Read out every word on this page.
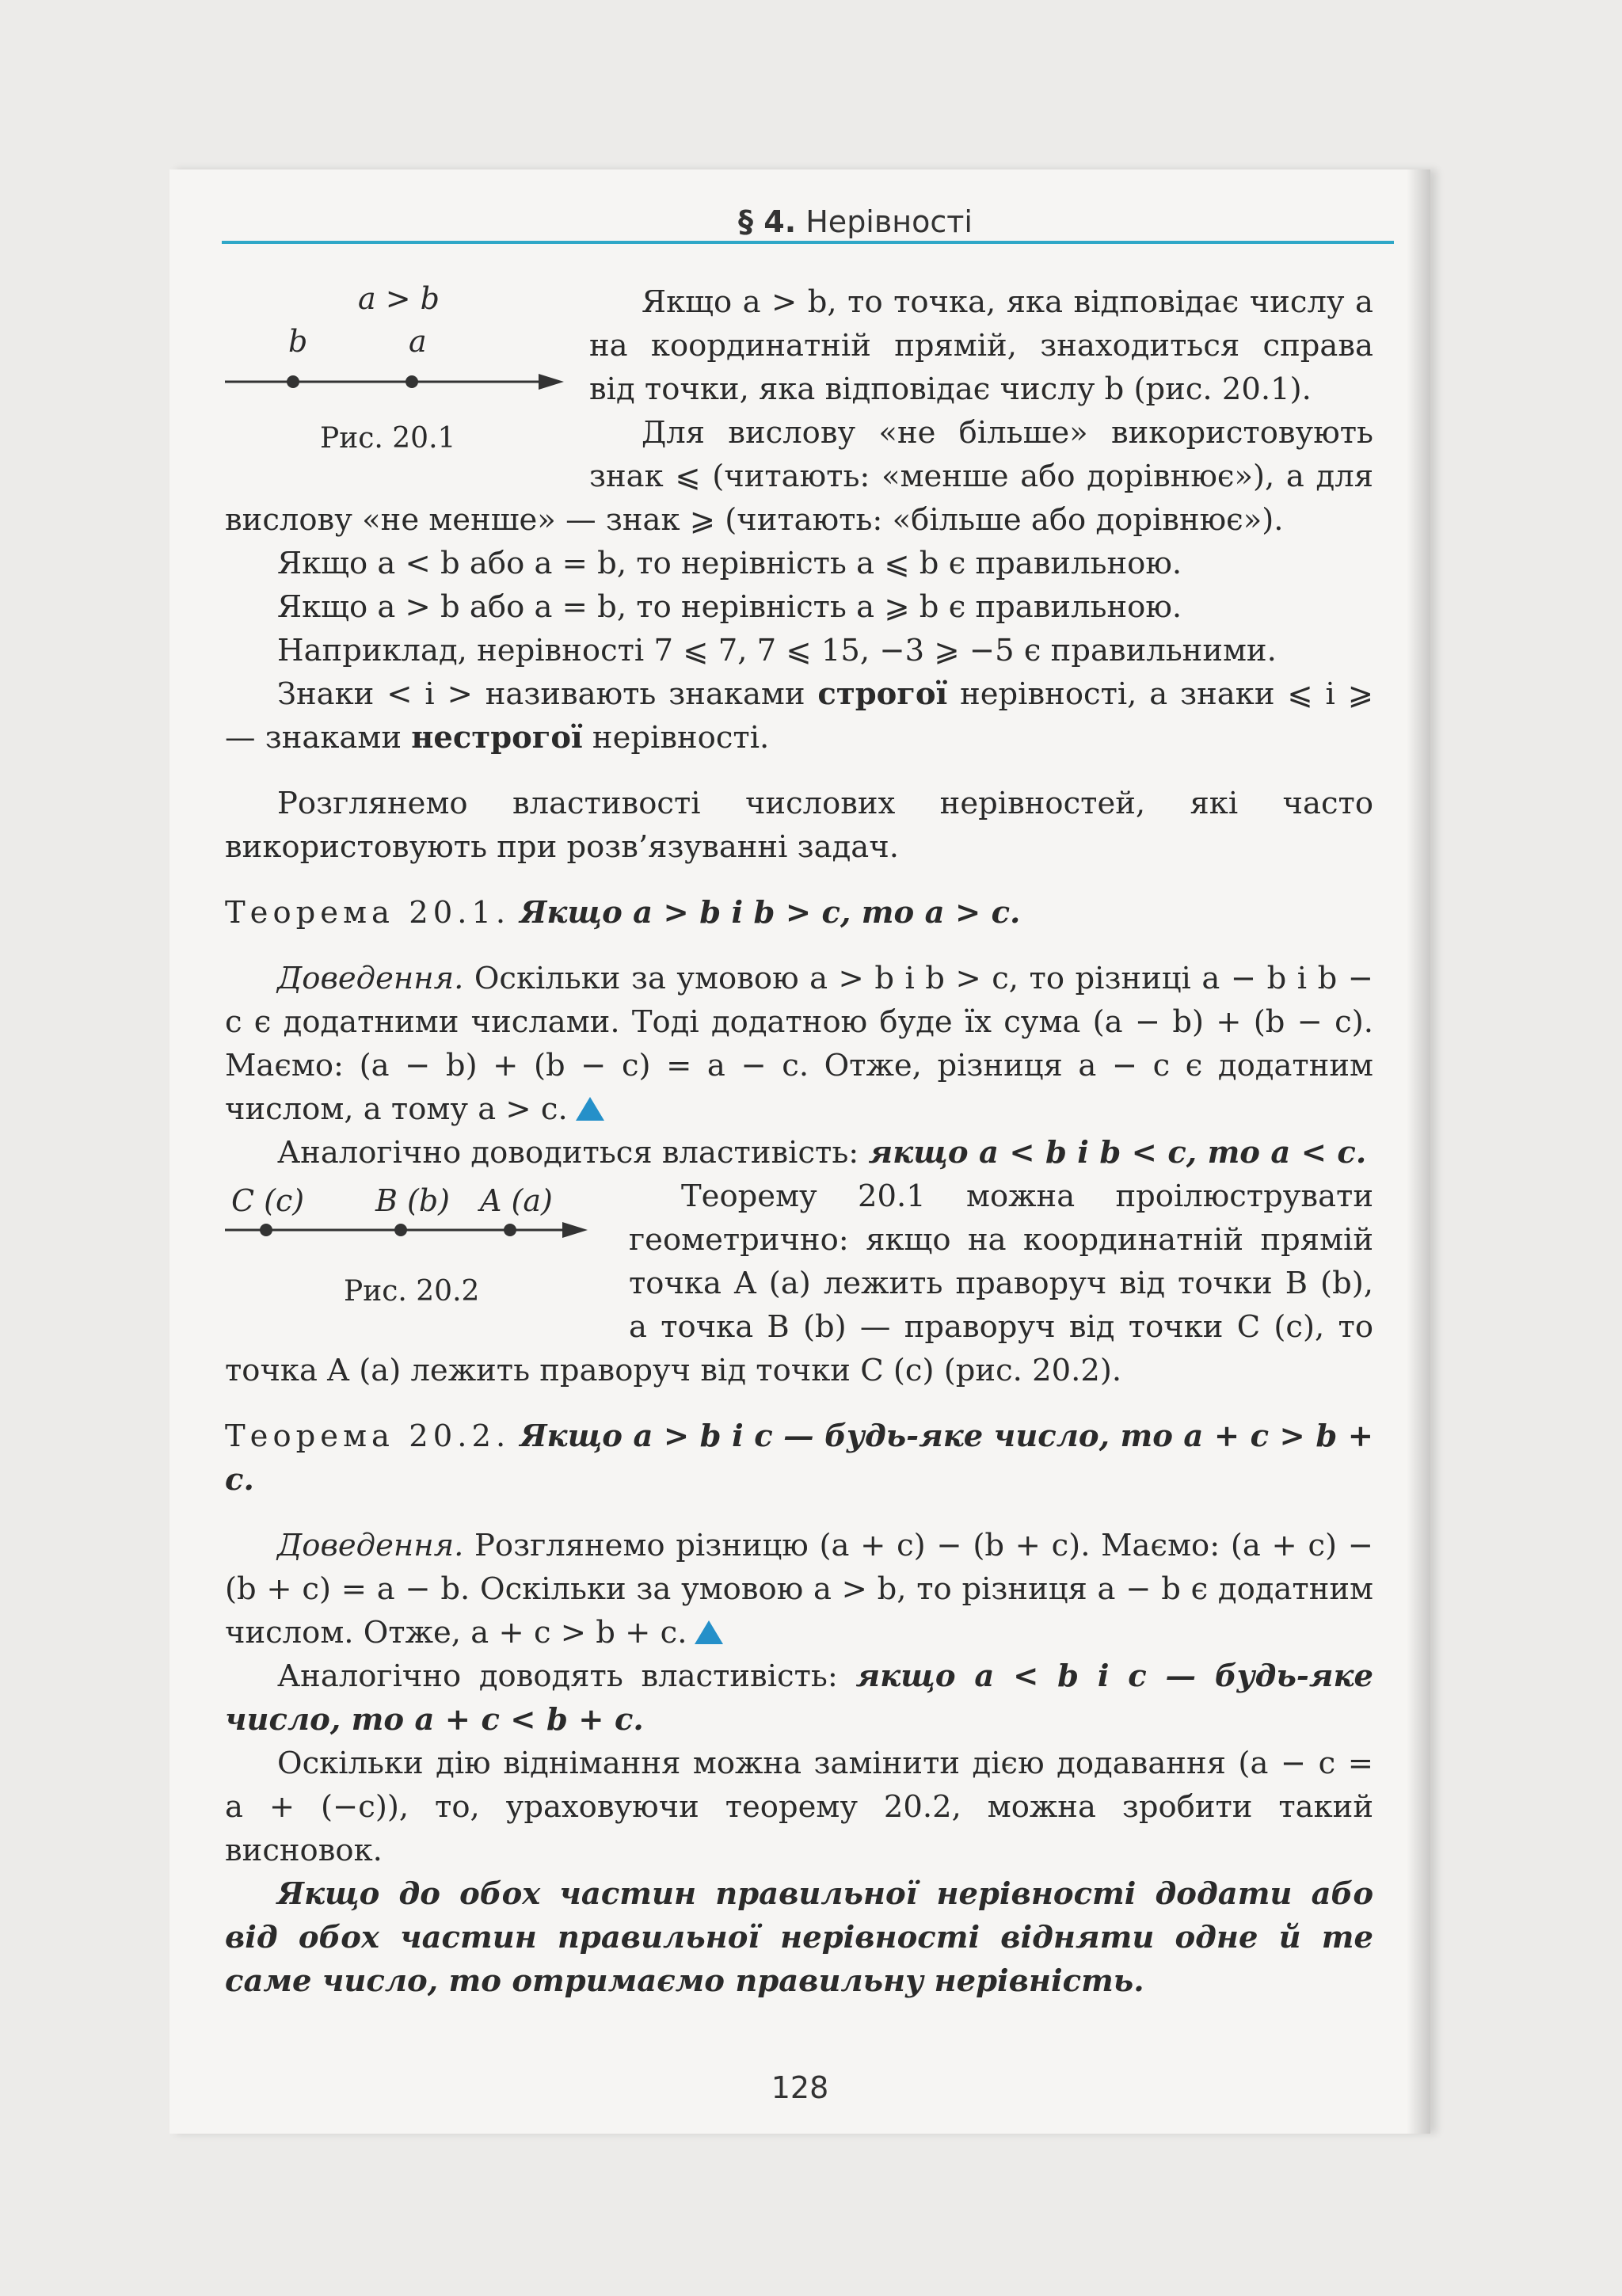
§ 4. Нерівності
a > b
b	a
Рис. 20.1

Якщо a > b, то точка, яка відповідає числу a на координатній прямій, знаходиться справа від точки, яка відповідає числу b (рис. 20.1).

Для вислову «не більше» використовують знак ⩽ (читають: «менше або дорівнює»), а для вислову «не менше» — знак ⩾ (читають: «більше або дорівнює»).

Якщо a < b або a = b, то нерівність a ⩽ b є правильною.

Якщо a > b або a = b, то нерівність a ⩾ b є правильною.

Наприклад, нерівності 7 ⩽ 7, 7 ⩽ 15, −3 ⩾ −5 є правильними.

Знаки < і > називають знаками строгої нерівності, а знаки ⩽ і ⩾ — знаками нестрогої нерівності.

Розглянемо властивості числових нерівностей, які часто використовують при розв’язуванні задач.

Теорема 20.1. Якщо a > b і b > c, то a > c.

Доведення. Оскільки за умовою a > b і b > c, то різниці a − b і b − c є додатними числами. Тоді додатною буде їх сума (a − b) + (b − c). Маємо: (a − b) + (b − c) = a − c. Отже, різниця a − c є додатним числом, а тому a > c.

Аналогічно доводиться властивість: якщо a < b і b < c, то a < c.

C (c) B (b) A (a)
Рис. 20.2

Теорему 20.1 можна проілюструвати геометрично: якщо на координатній прямій точка A (a) лежить праворуч від точки B (b), а точка B (b) — праворуч від точки C (c), то точка A (a) лежить праворуч від точки C (c) (рис. 20.2).

Теорема 20.2. Якщо a > b і c — будь-яке число, то a + c > b + c.

Доведення. Розглянемо різницю (a + c) − (b + c). Маємо: (a + c) − (b + c) = a − b. Оскільки за умовою a > b, то різниця a − b є додатним числом. Отже, a + c > b + c.

Аналогічно доводять властивість: якщо a < b і c — будь-яке число, то a + c < b + c.

Оскільки дію віднімання можна замінити дією додавання (a − c = a + (−c)), то, ураховуючи теорему 20.2, можна зробити такий висновок.

Якщо до обох частин правильної нерівності додати або від обох частин правильної нерівності відняти одне й те саме число, то отримаємо правильну нерівність.

128
